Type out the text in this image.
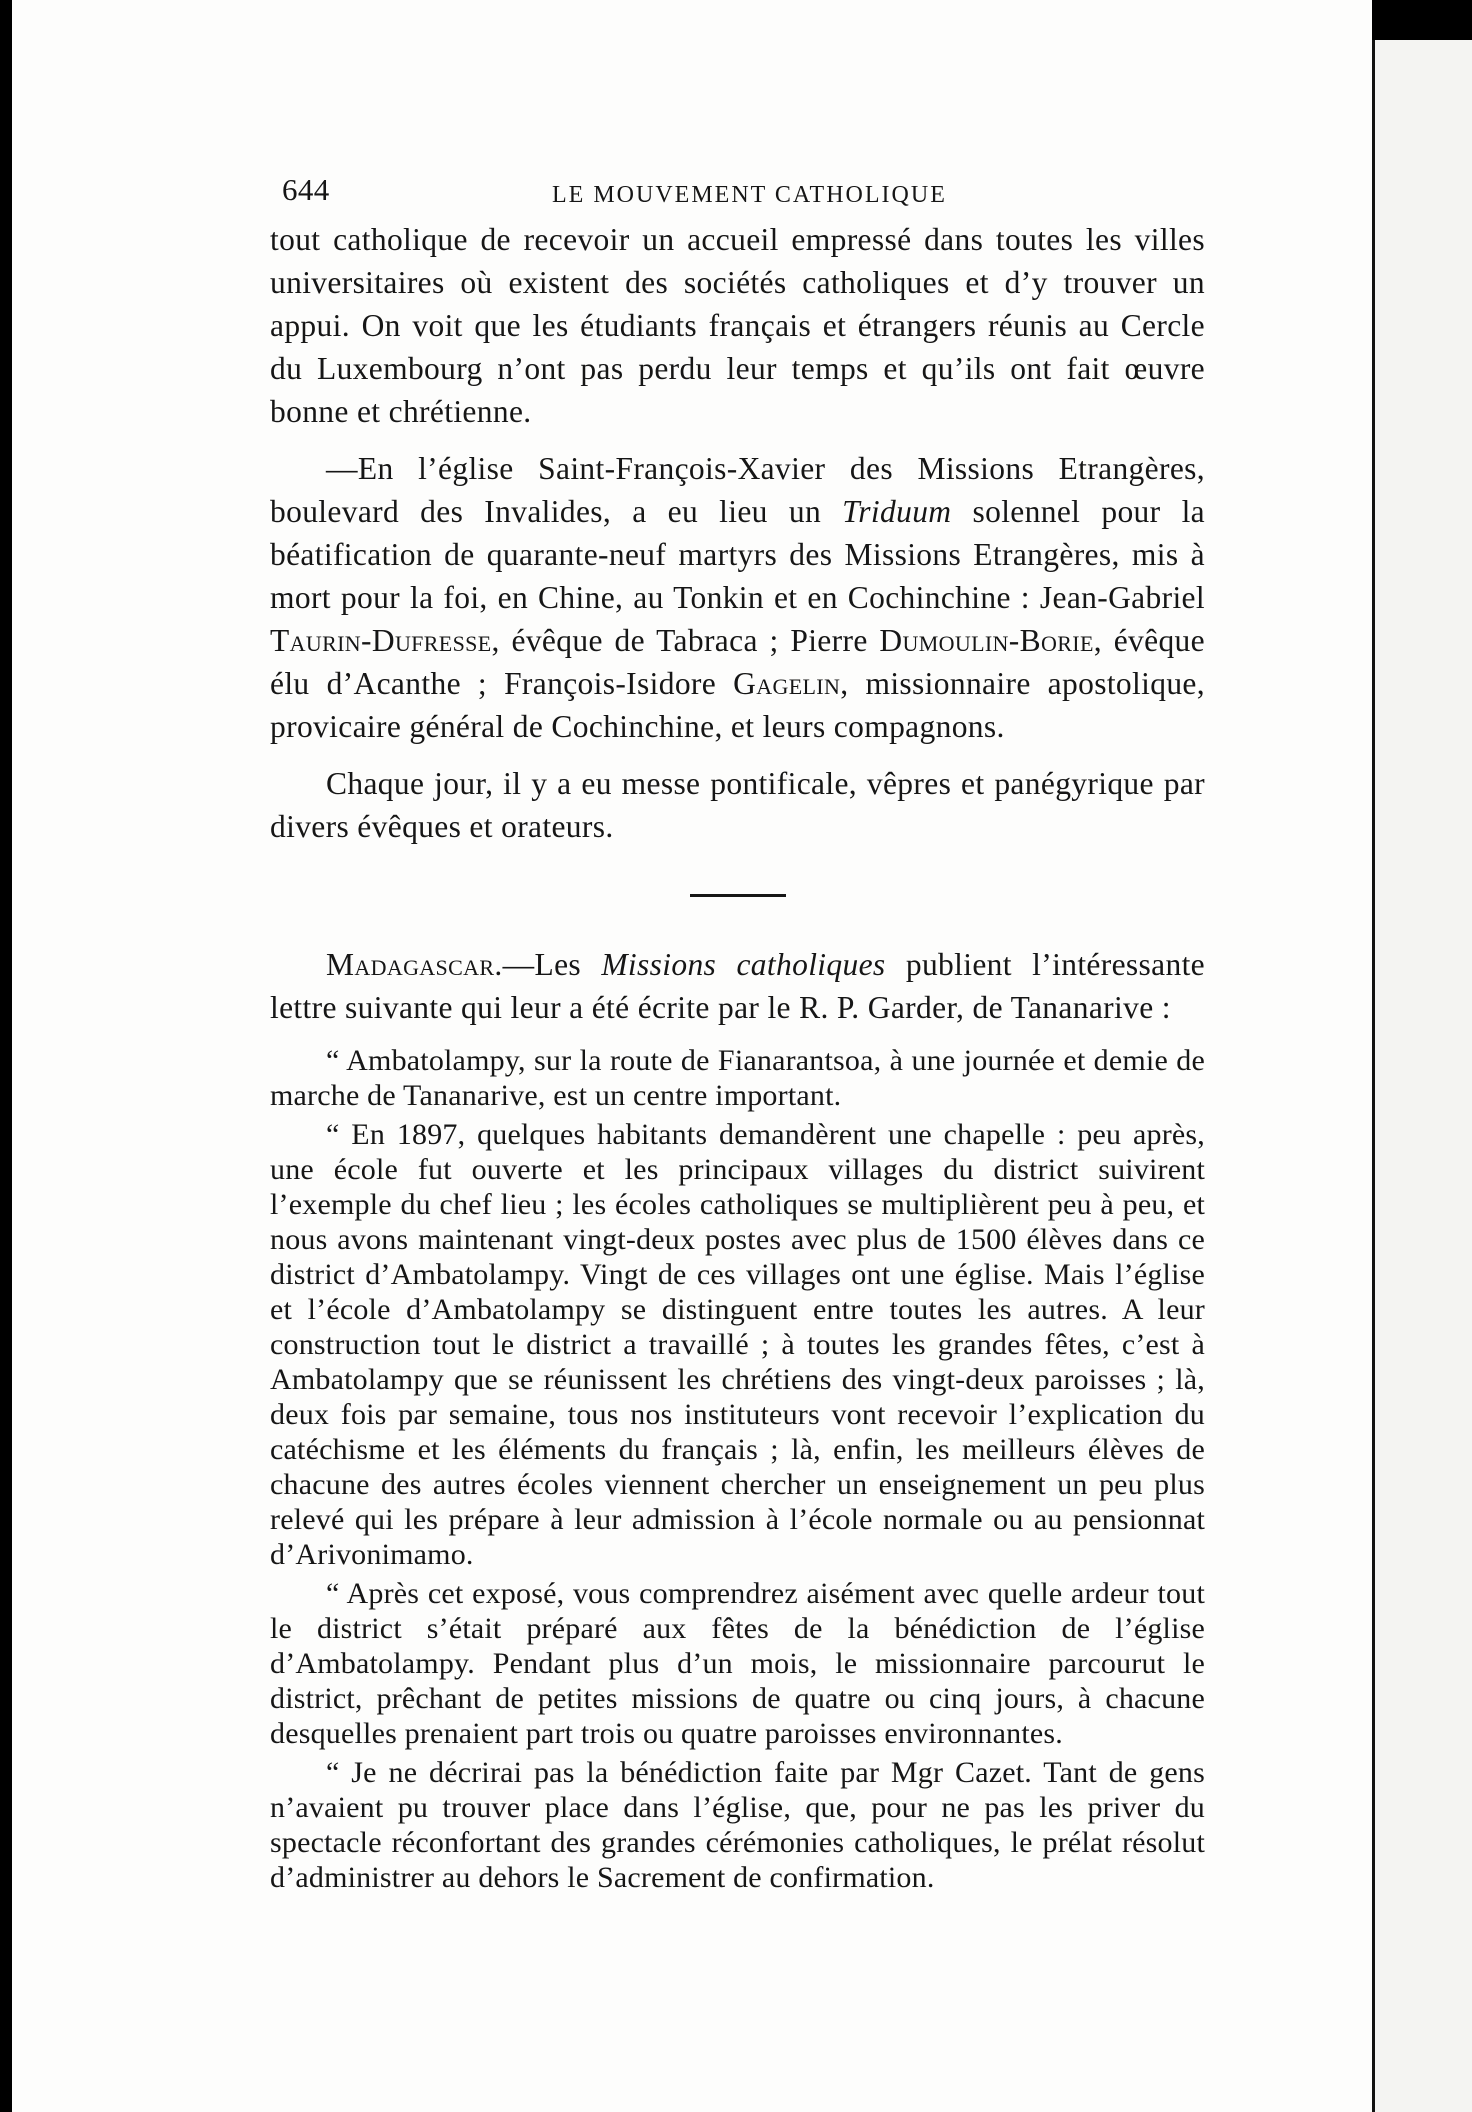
644	LE MOUVEMENT CATHOLIQUE

tout catholique de recevoir un accueil empressé dans toutes les villes universitaires où existent des sociétés catholiques et d’y trouver un appui. On voit que les étudiants français et étrangers réunis au Cercle du Luxembourg n’ont pas perdu leur temps et qu’ils ont fait œuvre bonne et chrétienne.

—En l’église Saint-François-Xavier des Missions Etrangères, boulevard des Invalides, a eu lieu un Triduum solennel pour la béatification de quarante-neuf martyrs des Missions Etrangères, mis à mort pour la foi, en Chine, au Tonkin et en Cochinchine : Jean-Gabriel Taurin-Dufresse, évêque de Tabraca ; Pierre Dumoulin-Borie, évêque élu d’Acanthe ; François-Isidore Gagelin, missionnaire apostolique, provicaire général de Cochinchine, et leurs compagnons.

Chaque jour, il y a eu messe pontificale, vêpres et panégyrique par divers évêques et orateurs.

Madagascar.—Les Missions catholiques publient l’intéressante lettre suivante qui leur a été écrite par le R. P. Garder, de Tananarive :

“ Ambatolampy, sur la route de Fianarantsoa, à une journée et demie de marche de Tananarive, est un centre important.

“ En 1897, quelques habitants demandèrent une chapelle : peu après, une école fut ouverte et les principaux villages du district suivirent l’exemple du chef lieu ; les écoles catholiques se multiplièrent peu à peu, et nous avons maintenant vingt-deux postes avec plus de 1500 élèves dans ce district d’Ambatolampy. Vingt de ces villages ont une église. Mais l’église et l’école d’Ambatolampy se distinguent entre toutes les autres. A leur construction tout le district a travaillé ; à toutes les grandes fêtes, c’est à Ambatolampy que se réunissent les chrétiens des vingt-deux paroisses ; là, deux fois par semaine, tous nos instituteurs vont recevoir l’explication du catéchisme et les éléments du français ; là, enfin, les meilleurs élèves de chacune des autres écoles viennent chercher un enseignement un peu plus relevé qui les prépare à leur admission à l’école normale ou au pensionnat d’Arivonimamo.

“ Après cet exposé, vous comprendrez aisément avec quelle ardeur tout le district s’était préparé aux fêtes de la bénédiction de l’église d’Ambatolampy. Pendant plus d’un mois, le missionnaire parcourut le district, prêchant de petites missions de quatre ou cinq jours, à chacune desquelles prenaient part trois ou quatre paroisses environnantes.

“ Je ne décrirai pas la bénédiction faite par Mgr Cazet. Tant de gens n’avaient pu trouver place dans l’église, que, pour ne pas les priver du spectacle réconfortant des grandes cérémonies catholiques, le prélat résolut d’administrer au dehors le Sacrement de confirmation.
